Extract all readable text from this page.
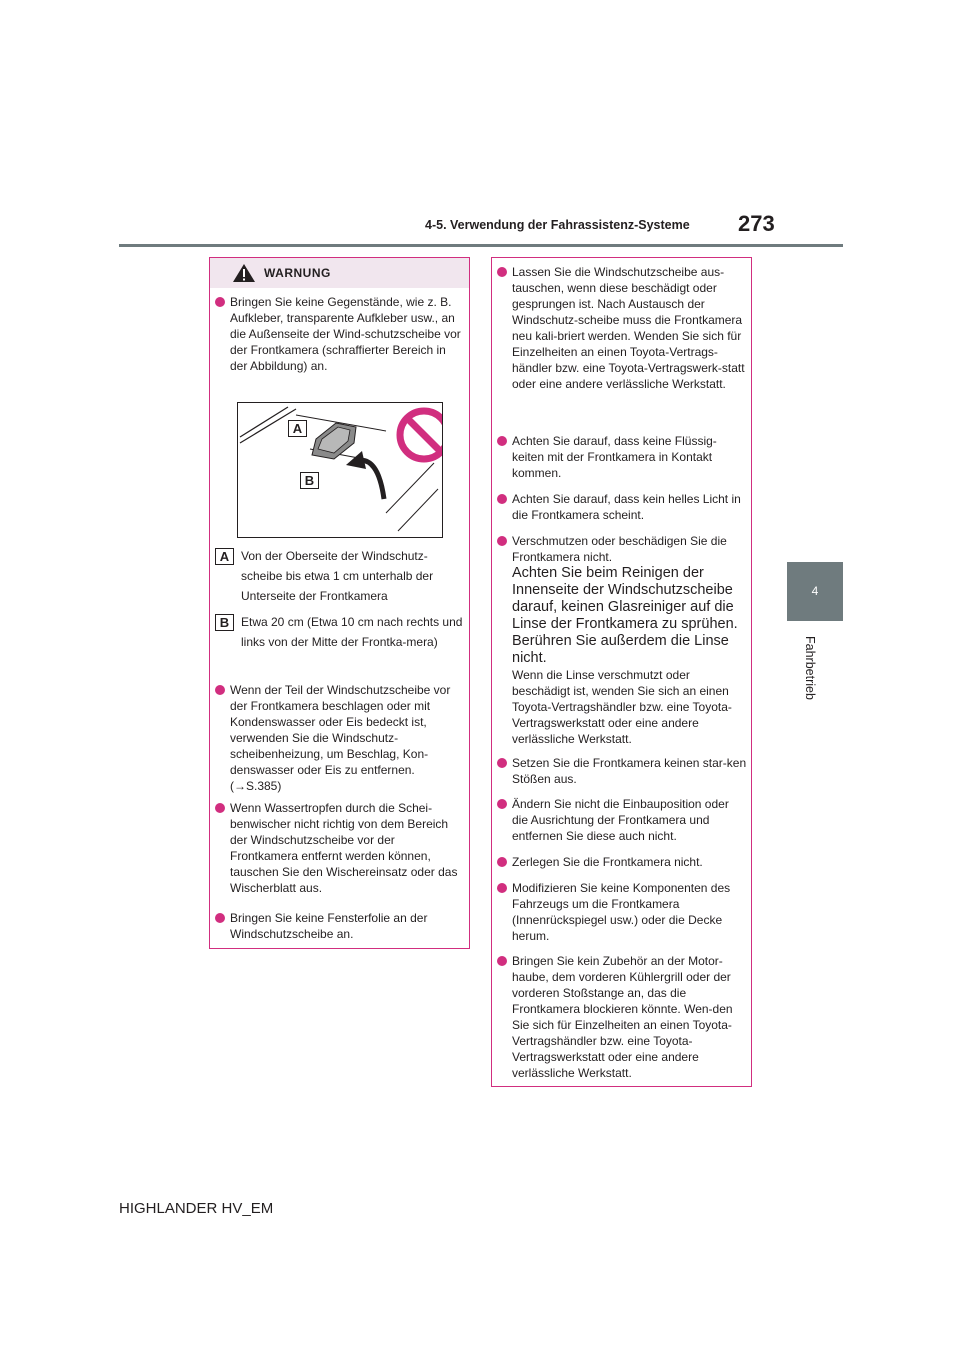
4-5. Verwendung der Fahrassistenz-Systeme 273
4
Fahrbetrieb
WARNUNG
Bringen Sie keine Gegenstände, wie z. B. Aufkleber, transparente Aufkleber usw., an die Außenseite der Wind-schutzscheibe vor der Frontkamera (schraffierter Bereich in der Abbildung) an.
A
B
A Von der Oberseite der Windschutz-scheibe bis etwa 1 cm unterhalb der Unterseite der Frontkamera
B Etwa 20 cm (Etwa 10 cm nach rechts und links von der Mitte der Frontka-mera)
Wenn der Teil der Windschutzscheibe vor der Frontkamera beschlagen oder mit Kondenswasser oder Eis bedeckt ist, verwenden Sie die Windschutz-scheibenheizung, um Beschlag, Kon-denswasser oder Eis zu entfernen.
(→S.385)
Wenn Wassertropfen durch die Schei-benwischer nicht richtig von dem Bereich der Windschutzscheibe vor der Frontkamera entfernt werden können, tauschen Sie den Wischereinsatz oder das Wischerblatt aus.
Bringen Sie keine Fensterfolie an der Windschutzscheibe an.
Lassen Sie die Windschutzscheibe aus-tauschen, wenn diese beschädigt oder gesprungen ist. Nach Austausch der Windschutz-scheibe muss die Frontkamera neu kali-briert werden. Wenden Sie sich für Einzelheiten an einen Toyota-Vertrags-händler bzw. eine Toyota-Vertragswerk-statt oder eine andere verlässliche Werkstatt.
Achten Sie darauf, dass keine Flüssig-keiten mit der Frontkamera in Kontakt kommen.
Achten Sie darauf, dass kein helles Licht in die Frontkamera scheint.
Verschmutzen oder beschädigen Sie die Frontkamera nicht.
Achten Sie beim Reinigen der Innenseite der Windschutzscheibe darauf, keinen Glasreiniger auf die Linse der Frontkamera zu sprühen. Berühren Sie außerdem die Linse nicht.
Wenn die Linse verschmutzt oder beschädigt ist, wenden Sie sich an einen Toyota-Vertragshändler bzw. eine Toyota-Vertragswerkstatt oder eine andere verlässliche Werkstatt.
Setzen Sie die Frontkamera keinen star-ken Stößen aus.
Ändern Sie nicht die Einbauposition oder die Ausrichtung der Frontkamera und entfernen Sie diese auch nicht.
Zerlegen Sie die Frontkamera nicht.
Modifizieren Sie keine Komponenten des Fahrzeugs um die Frontkamera (Innenrückspiegel usw.) oder die Decke herum.
Bringen Sie kein Zubehör an der Motor-haube, dem vorderen Kühlergrill oder der vorderen Stoßstange an, das die Frontkamera blockieren könnte. Wen-den Sie sich für Einzelheiten an einen Toyota-Vertragshändler bzw. eine Toyota-Vertragswerkstatt oder eine andere verlässliche Werkstatt.
HIGHLANDER HV_EM
